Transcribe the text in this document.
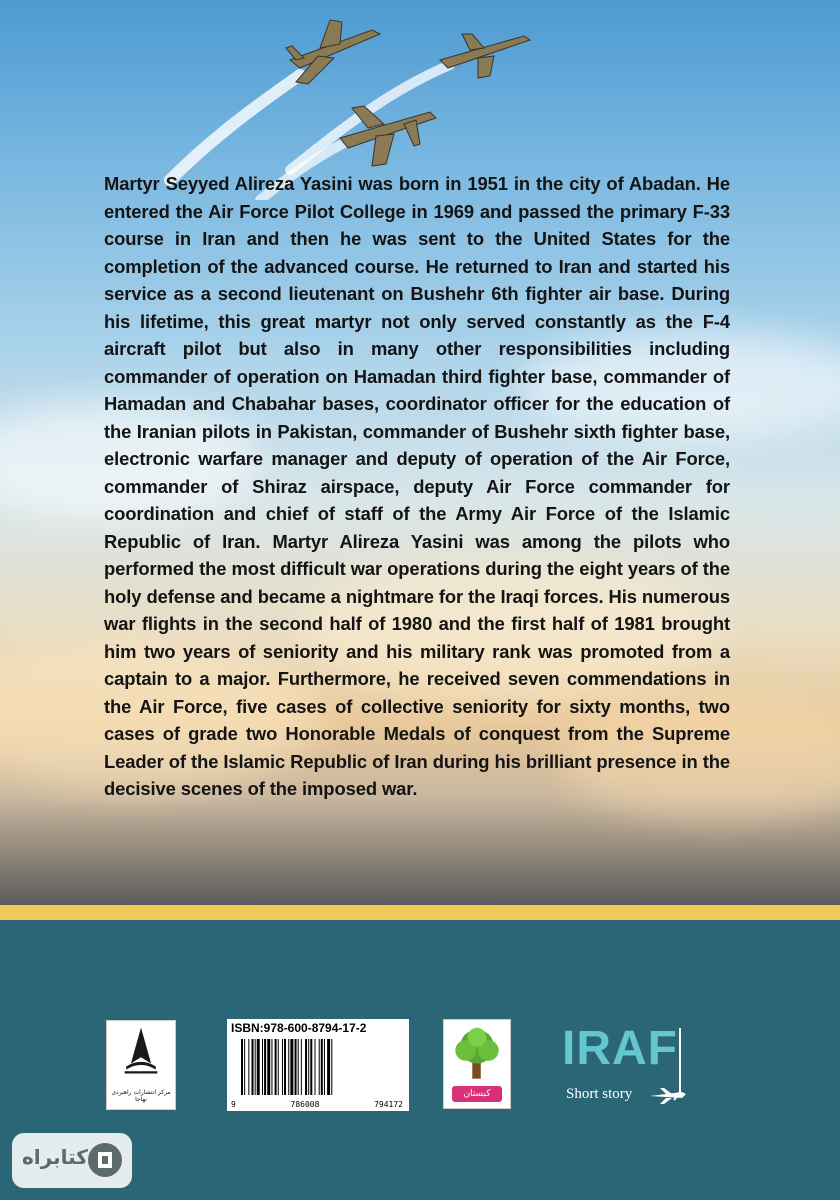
Martyr Seyyed Alireza Yasini was born in 1951 in the city of Abadan. He entered the Air Force Pilot College in 1969 and passed the primary F-33 course in Iran and then he was sent to the United States for the completion of the advanced course. He returned to Iran and started his service as a second lieutenant on Bushehr 6th fighter air base. During his lifetime, this great martyr not only served constantly as the F-4 aircraft pilot but also in many other responsibilities including commander of operation on Hamadan third fighter base, commander of Hamadan and Chabahar bases, coordinator officer for the education of the Iranian pilots in Pakistan, commander of Bushehr sixth fighter base, electronic warfare manager and deputy of operation of the Air Force, commander of Shiraz airspace, deputy Air Force commander for coordination and chief of staff of the Army Air Force of the Islamic Republic of Iran. Martyr Alireza Yasini was among the pilots who performed the most difficult war operations during the eight years of the holy defense and became a nightmare for the Iraqi forces. His numerous war flights in the second half of 1980 and the first half of 1981 brought him two years of seniority and his military rank was promoted from a captain to a major. Furthermore, he received seven commendations in the Air Force, five cases of collective seniority for sixty months, two cases of grade two Honorable Medals of conquest from the Supreme Leader of the Islamic Republic of Iran during his brilliant presence in the decisive scenes of the imposed war.

مرکز انتشارات راهبردی نهاجا
ISBN:978-600-8794-17-2
9	786008	794172
کبستان
IRAF
Short story
کتابراه
